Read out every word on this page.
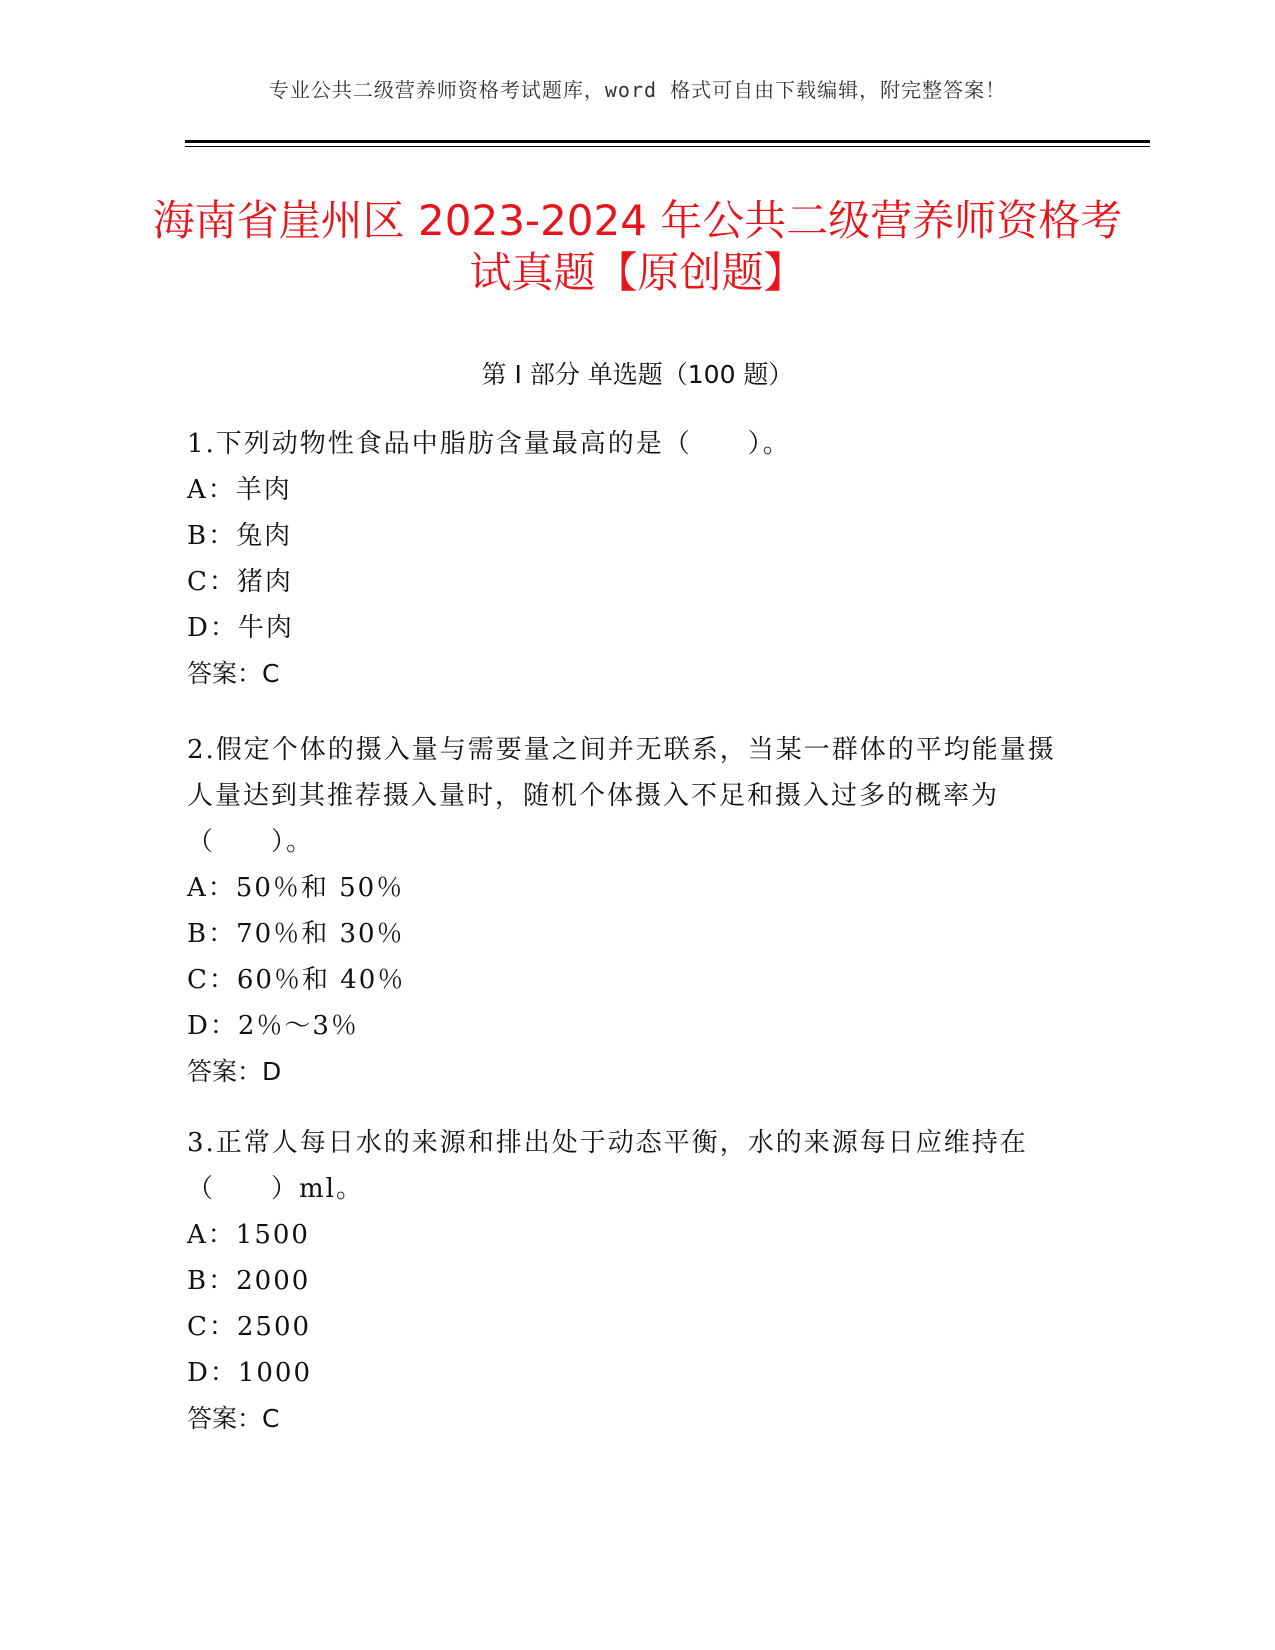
专业公共二级营养师资格考试题库，word 格式可自由下载编辑，附完整答案！
海南省崖州区 2023-2024 年公共二级营养师资格考试真题【原创题】
第 I 部分 单选题（100 题）
1.下列动物性食品中脂肪含量最高的是（　　）。
A：羊肉
B：兔肉
C：猪肉
D：牛肉
答案：C
2.假定个体的摄入量与需要量之间并无联系，当某一群体的平均能量摄人量达到其推荐摄入量时，随机个体摄入不足和摄入过多的概率为（　　）。
A：50％和 50％
B：70％和 30％
C：60％和 40％
D：2％～3％
答案：D
3.正常人每日水的来源和排出处于动态平衡，水的来源每日应维持在（　　）ml。
A：1500
B：2000
C：2500
D：1000
答案：C
